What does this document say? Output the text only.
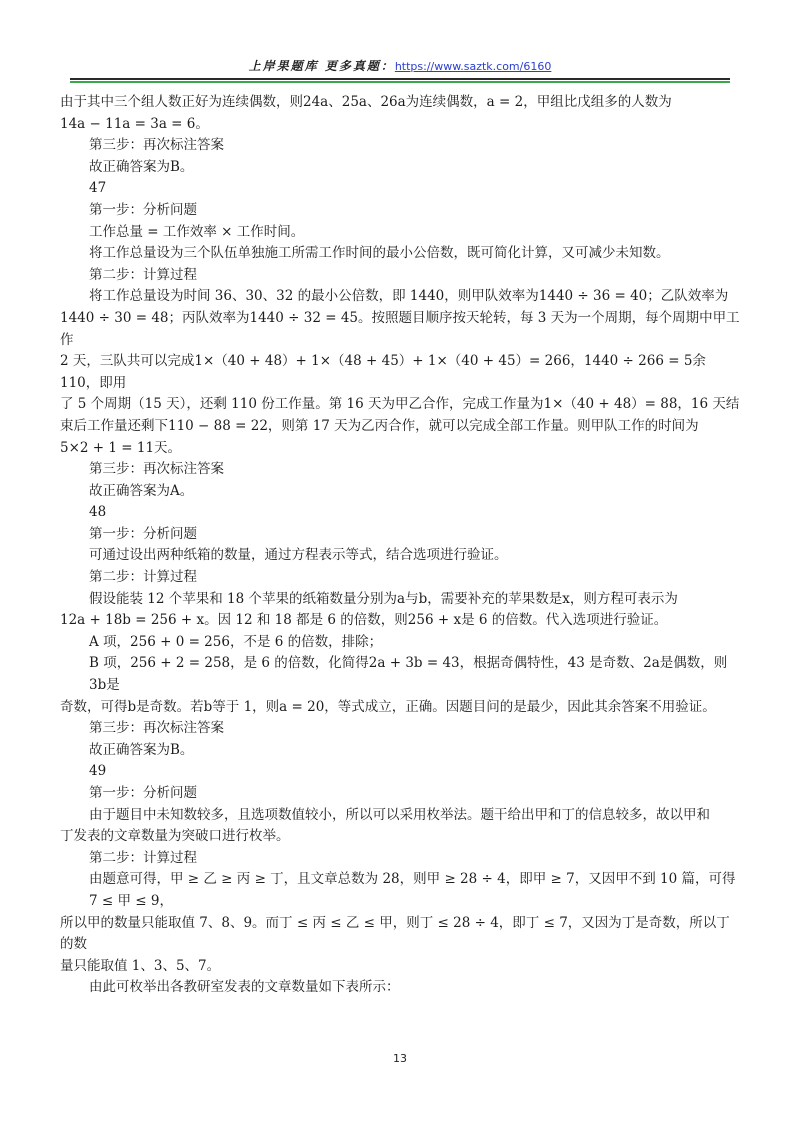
上岸果题库 更多真题：https://www.saztk.com/6160
由于其中三个组人数正好为连续偶数，则24a、25a、26a为连续偶数，a = 2，甲组比戊组多的人数为
14a − 11a = 3a = 6。
第三步：再次标注答案
故正确答案为B。
47
第一步：分析问题
工作总量 = 工作效率 × 工作时间。
将工作总量设为三个队伍单独施工所需工作时间的最小公倍数，既可简化计算，又可减少未知数。
第二步：计算过程
将工作总量设为时间 36、30、32 的最小公倍数，即 1440，则甲队效率为1440 ÷ 36 = 40；乙队效率为
1440 ÷ 30 = 48；丙队效率为1440 ÷ 32 = 45。按照题目顺序按天轮转，每 3 天为一个周期，每个周期中甲工作
2 天，三队共可以完成1×（40 + 48）+ 1×（48 + 45）+ 1×（40 + 45）= 266，1440 ÷ 266 = 5余110，即用
了 5 个周期（15 天），还剩 110 份工作量。第 16 天为甲乙合作，完成工作量为1×（40 + 48）= 88，16 天结
束后工作量还剩下110 − 88 = 22，则第 17 天为乙丙合作，就可以完成全部工作量。则甲队工作的时间为
5×2 + 1 = 11天。
第三步：再次标注答案
故正确答案为A。
48
第一步：分析问题
可通过设出两种纸箱的数量，通过方程表示等式，结合选项进行验证。
第二步：计算过程
假设能装 12 个苹果和 18 个苹果的纸箱数量分别为a与b，需要补充的苹果数是x，则方程可表示为
12a + 18b = 256 + x。因 12 和 18 都是 6 的倍数，则256 + x是 6 的倍数。代入选项进行验证。
A 项，256 + 0 = 256，不是 6 的倍数，排除；
B 项，256 + 2 = 258，是 6 的倍数，化简得2a + 3b = 43，根据奇偶特性，43 是奇数、2a是偶数，则3b是
奇数，可得b是奇数。若b等于 1，则a = 20，等式成立，正确。因题目问的是最少，因此其余答案不用验证。
第三步：再次标注答案
故正确答案为B。
49
第一步：分析问题
由于题目中未知数较多，且选项数值较小，所以可以采用枚举法。题干给出甲和丁的信息较多，故以甲和
丁发表的文章数量为突破口进行枚举。
第二步：计算过程
由题意可得，甲 ≥ 乙 ≥ 丙 ≥ 丁，且文章总数为 28，则甲 ≥ 28 ÷ 4，即甲 ≥ 7，又因甲不到 10 篇，可得7 ≤ 甲 ≤ 9，
所以甲的数量只能取值 7、8、9。而丁 ≤ 丙 ≤ 乙 ≤ 甲，则丁 ≤ 28 ÷ 4，即丁 ≤ 7，又因为丁是奇数，所以丁的数
量只能取值 1、3、5、7。
由此可枚举出各教研室发表的文章数量如下表所示：
13
